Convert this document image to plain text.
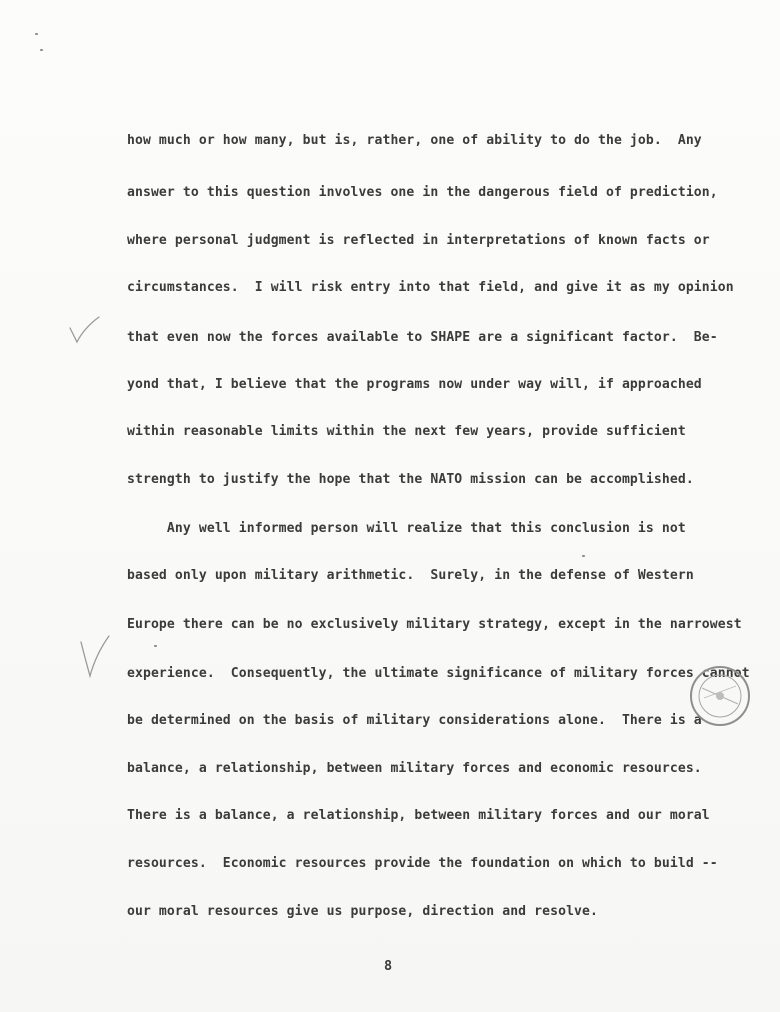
how much or how many, but is, rather, one of ability to do the job.  Any
answer to this question involves one in the dangerous field of prediction,
where personal judgment is reflected in interpretations of known facts or
circumstances.  I will risk entry into that field, and give it as my opinion
that even now the forces available to SHAPE are a significant factor.  Be-
yond that, I believe that the programs now under way will, if approached
within reasonable limits within the next few years, provide sufficient
strength to justify the hope that the NATO mission can be accomplished.
Any well informed person will realize that this conclusion is not
based only upon military arithmetic.  Surely, in the defense of Western
Europe there can be no exclusively military strategy, except in the narrowest
experience.  Consequently, the ultimate significance of military forces cannot
be determined on the basis of military considerations alone.  There is a
balance, a relationship, between military forces and economic resources.
There is a balance, a relationship, between military forces and our moral
resources.  Economic resources provide the foundation on which to build --
our moral resources give us purpose, direction and resolve.
8
